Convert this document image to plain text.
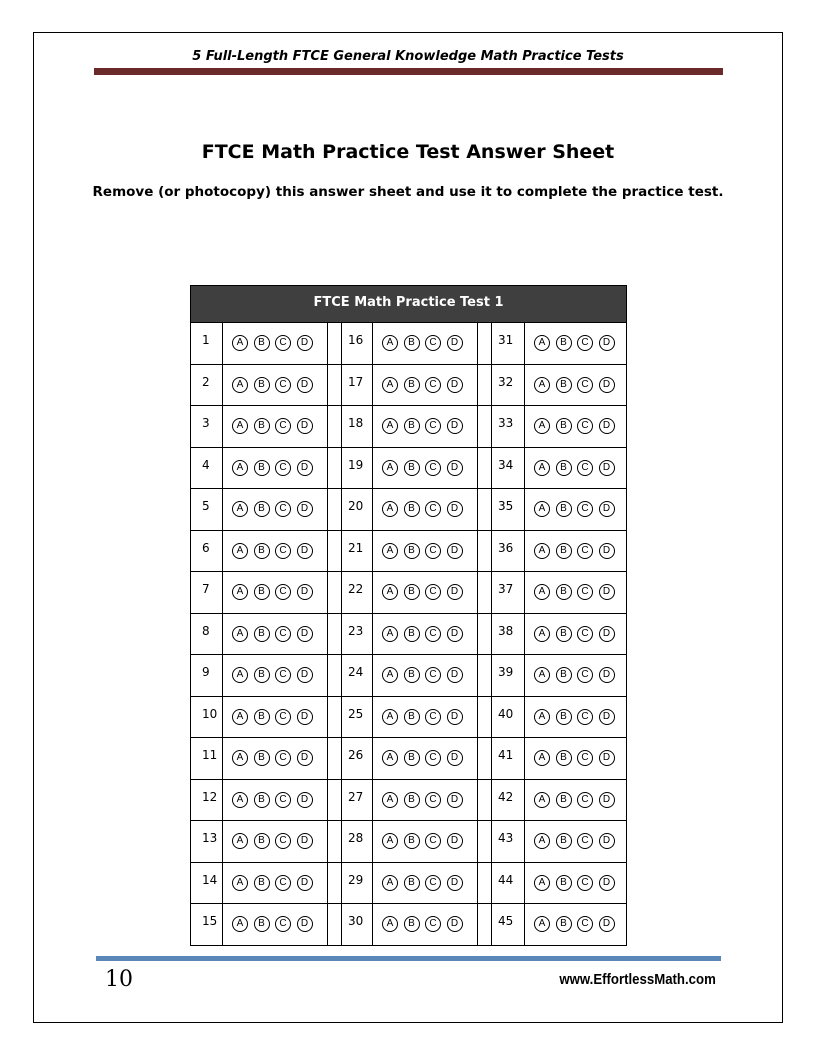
5 Full-Length FTCE General Knowledge Math Practice Tests
FTCE Math Practice Test Answer Sheet
Remove (or photocopy) this answer sheet and use it to complete the practice test.
FTCE Math Practice Test 1							
1	A B C D		16	A B C D		31	A B C D
2	A B C D		17	A B C D		32	A B C D
3	A B C D		18	A B C D		33	A B C D
4	A B C D		19	A B C D		34	A B C D
5	A B C D		20	A B C D		35	A B C D
6	A B C D		21	A B C D		36	A B C D
7	A B C D		22	A B C D		37	A B C D
8	A B C D		23	A B C D		38	A B C D
9	A B C D		24	A B C D		39	A B C D
10	A B C D		25	A B C D		40	A B C D
11	A B C D		26	A B C D		41	A B C D
12	A B C D		27	A B C D		42	A B C D
13	A B C D		28	A B C D		43	A B C D
14	A B C D		29	A B C D		44	A B C D
15	A B C D		30	A B C D		45	A B C D
10	www.EffortlessMath.com
